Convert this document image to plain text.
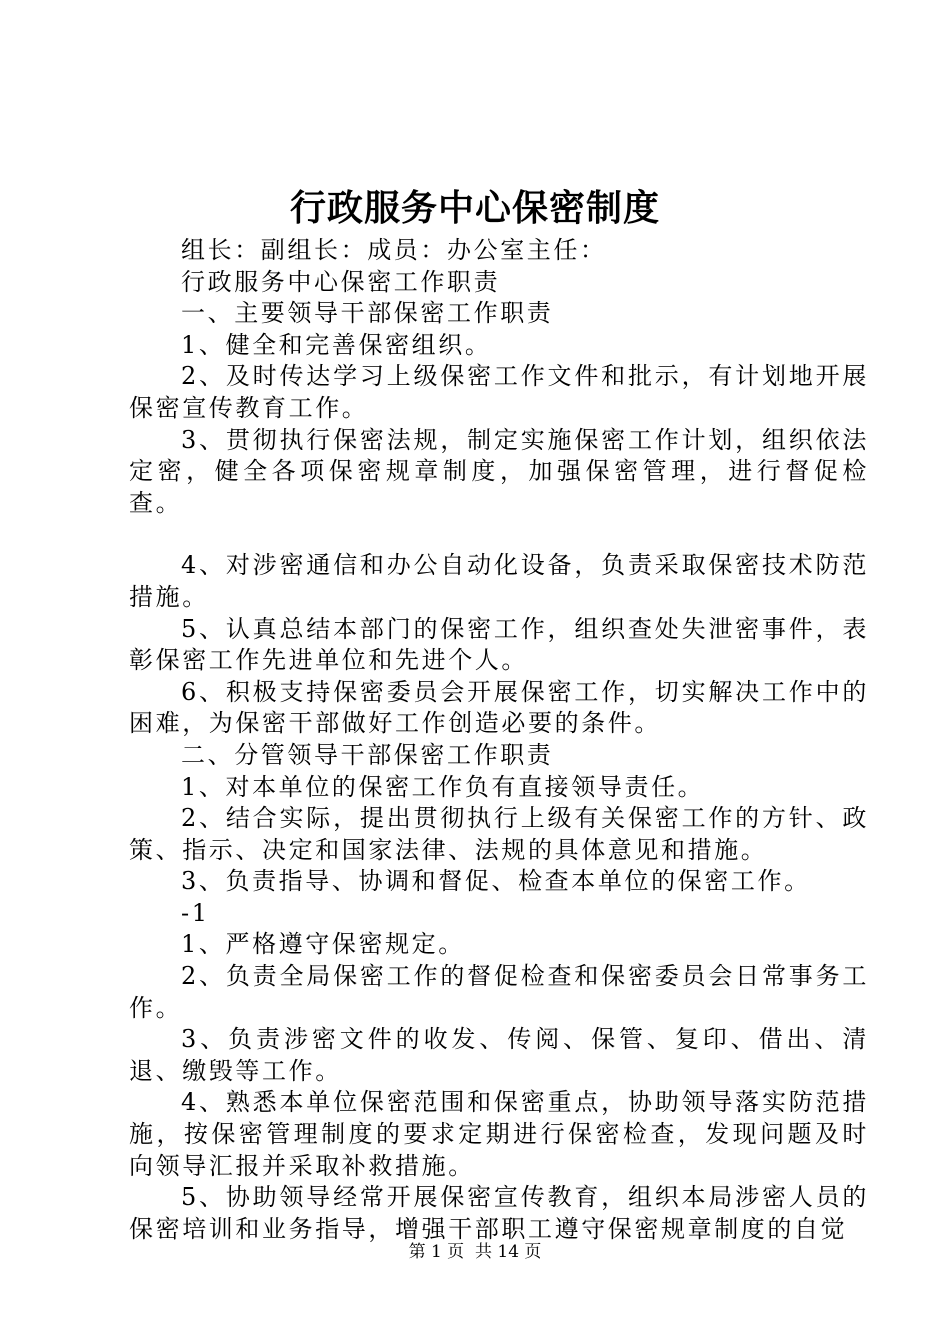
行政服务中心保密制度

组长：副组长：成员：办公室主任：

行政服务中心保密工作职责

一、主要领导干部保密工作职责

1、健全和完善保密组织。

2、及时传达学习上级保密工作文件和批示，有计划地开展保密宣传教育工作。

3、贯彻执行保密法规，制定实施保密工作计划，组织依法定密，健全各项保密规章制度，加强保密管理，进行督促检查。

4、对涉密通信和办公自动化设备，负责采取保密技术防范措施。

5、认真总结本部门的保密工作，组织查处失泄密事件，表彰保密工作先进单位和先进个人。

6、积极支持保密委员会开展保密工作，切实解决工作中的困难，为保密干部做好工作创造必要的条件。

二、分管领导干部保密工作职责

1、对本单位的保密工作负有直接领导责任。

2、结合实际，提出贯彻执行上级有关保密工作的方针、政策、指示、决定和国家法律、法规的具体意见和措施。

3、负责指导、协调和督促、检查本单位的保密工作。

-1

1、严格遵守保密规定。

2、负责全局保密工作的督促检查和保密委员会日常事务工作。

3、负责涉密文件的收发、传阅、保管、复印、借出、清退、缴毁等工作。

4、熟悉本单位保密范围和保密重点，协助领导落实防范措施，按保密管理制度的要求定期进行保密检查，发现问题及时向领导汇报并采取补救措施。

5、协助领导经常开展保密宣传教育，组织本局涉密人员的保密培训和业务指导，增强干部职工遵守保密规章制度的自觉

第 1 页  共 14 页
